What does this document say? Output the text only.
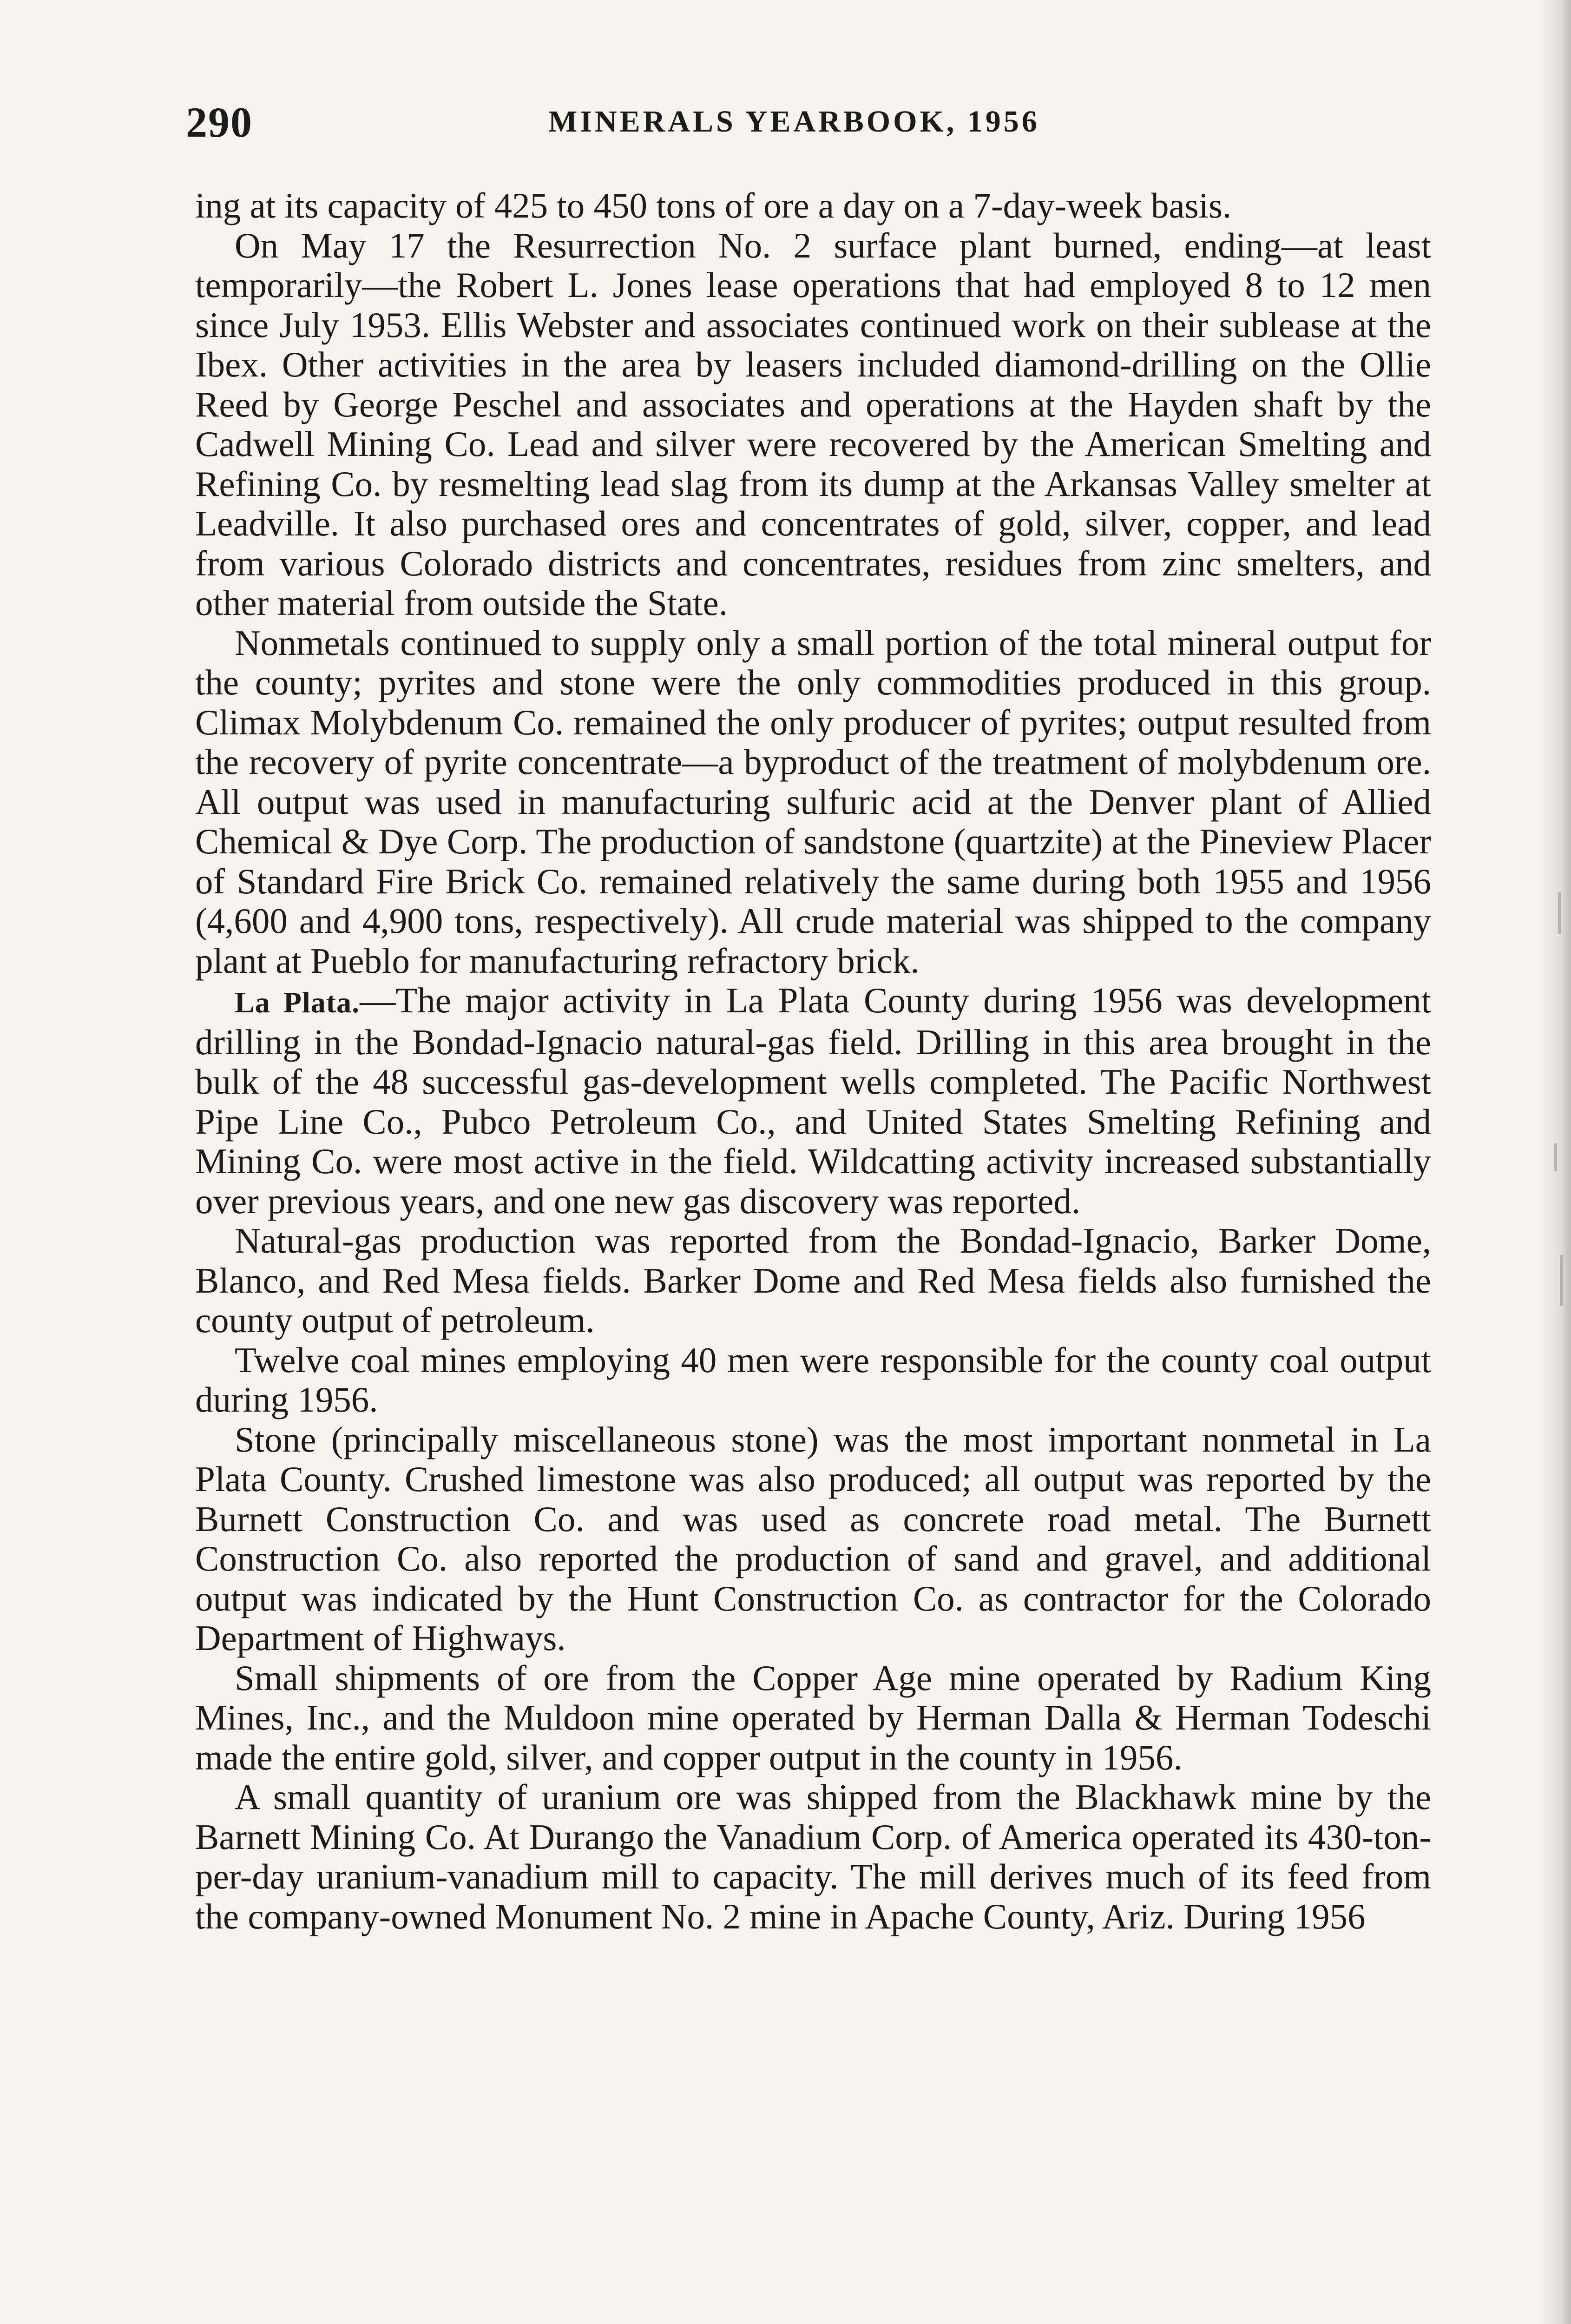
290	MINERALS YEARBOOK, 1956

ing at its capacity of 425 to 450 tons of ore a day on a 7-day-week basis.

On May 17 the Resurrection No. 2 surface plant burned, ending—at least temporarily—the Robert L. Jones lease operations that had employed 8 to 12 men since July 1953. Ellis Webster and associates continued work on their sublease at the Ibex. Other activities in the area by leasers included diamond-drilling on the Ollie Reed by George Peschel and associates and operations at the Hayden shaft by the Cadwell Mining Co. Lead and silver were recovered by the American Smelting and Refining Co. by resmelting lead slag from its dump at the Arkansas Valley smelter at Leadville. It also purchased ores and concentrates of gold, silver, copper, and lead from various Colorado districts and concentrates, residues from zinc smelters, and other material from outside the State.

Nonmetals continued to supply only a small portion of the total mineral output for the county; pyrites and stone were the only commodities produced in this group. Climax Molybdenum Co. remained the only producer of pyrites; output resulted from the recovery of pyrite concentrate—a byproduct of the treatment of molybdenum ore. All output was used in manufacturing sulfuric acid at the Denver plant of Allied Chemical & Dye Corp. The production of sandstone (quartzite) at the Pineview Placer of Standard Fire Brick Co. remained relatively the same during both 1955 and 1956 (4,600 and 4,900 tons, respectively). All crude material was shipped to the company plant at Pueblo for manufacturing refractory brick.

La Plata.—The major activity in La Plata County during 1956 was development drilling in the Bondad-Ignacio natural-gas field. Drilling in this area brought in the bulk of the 48 successful gas-development wells completed. The Pacific Northwest Pipe Line Co., Pubco Petroleum Co., and United States Smelting Refining and Mining Co. were most active in the field. Wildcatting activity increased substantially over previous years, and one new gas discovery was reported.

Natural-gas production was reported from the Bondad-Ignacio, Barker Dome, Blanco, and Red Mesa fields. Barker Dome and Red Mesa fields also furnished the county output of petroleum.

Twelve coal mines employing 40 men were responsible for the county coal output during 1956.

Stone (principally miscellaneous stone) was the most important nonmetal in La Plata County. Crushed limestone was also produced; all output was reported by the Burnett Construction Co. and was used as concrete road metal. The Burnett Construction Co. also reported the production of sand and gravel, and additional output was indicated by the Hunt Construction Co. as contractor for the Colorado Department of Highways.

Small shipments of ore from the Copper Age mine operated by Radium King Mines, Inc., and the Muldoon mine operated by Herman Dalla & Herman Todeschi made the entire gold, silver, and copper output in the county in 1956.

A small quantity of uranium ore was shipped from the Blackhawk mine by the Barnett Mining Co. At Durango the Vanadium Corp. of America operated its 430-ton-per-day uranium-vanadium mill to capacity. The mill derives much of its feed from the company-owned Monument No. 2 mine in Apache County, Ariz. During 1956
